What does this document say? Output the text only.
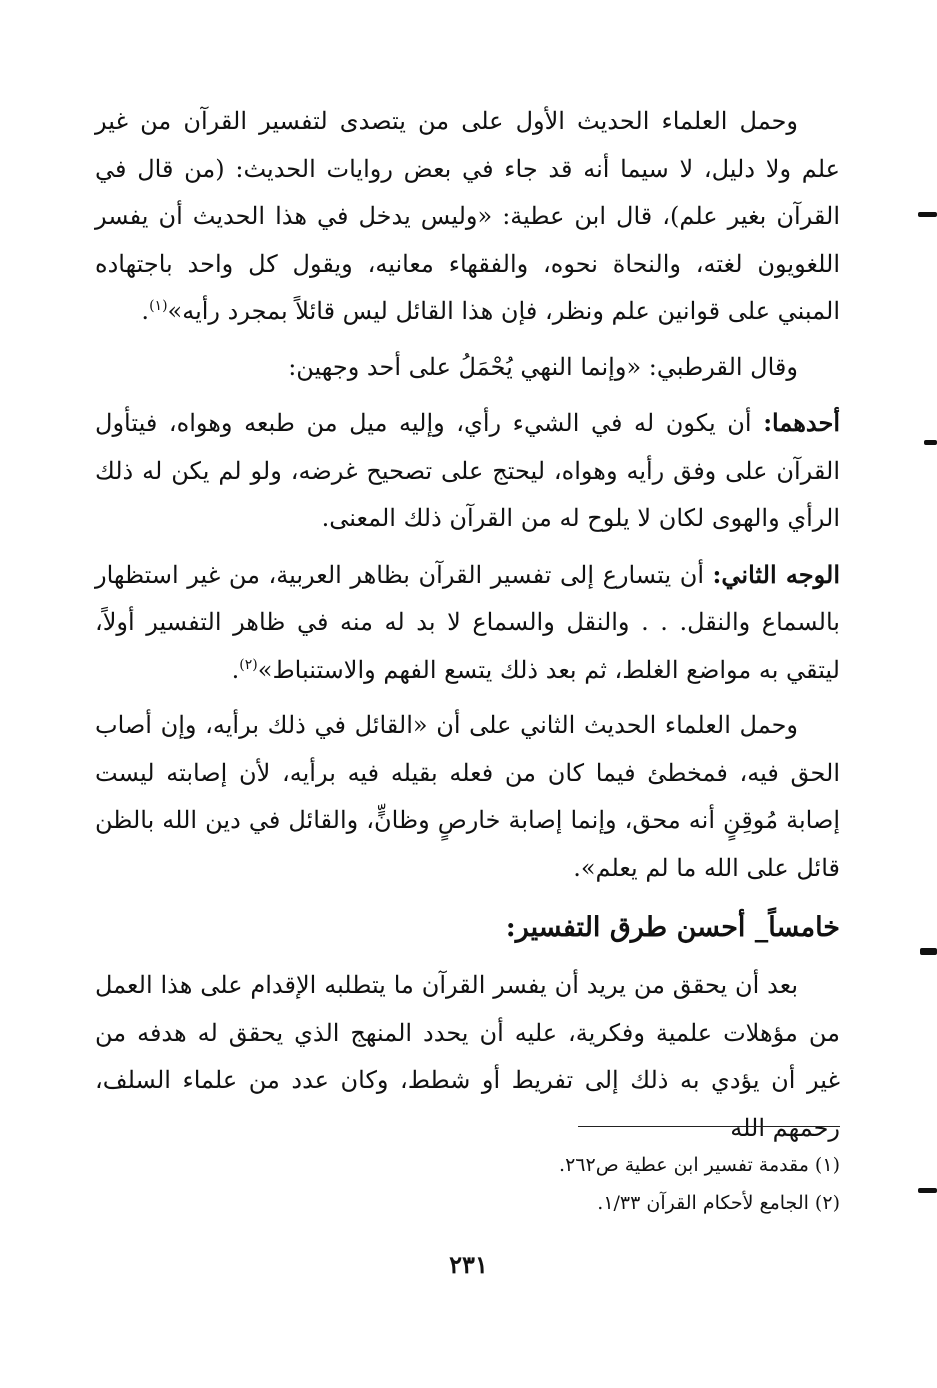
وحمل العلماء الحديث الأول على من يتصدى لتفسير القرآن من غير علم ولا دليل، لا سيما أنه قد جاء في بعض روايات الحديث: (من قال في القرآن بغير علم)، قال ابن عطية: «وليس يدخل في هذا الحديث أن يفسر اللغويون لغته، والنحاة نحوه، والفقهاء معانيه، ويقول كل واحد باجتهاده المبني على قوانين علم ونظر، فإن هذا القائل ليس قائلاً بمجرد رأيه»$^{(١)}$.

وقال القرطبي: «وإنما النهي يُحْمَلُ على أحد وجهين:

أحدهما: أن يكون له في الشيء رأي، وإليه ميل من طبعه وهواه، فيتأول القرآن على وفق رأيه وهواه، ليحتج على تصحيح غرضه، ولو لم يكن له ذلك الرأي والهوى لكان لا يلوح له من القرآن ذلك المعنى.

الوجه الثاني: أن يتسارع إلى تفسير القرآن بظاهر العربية، من غير استظهار بالسماع والنقل. . . والنقل والسماع لا بد له منه في ظاهر التفسير أولاً، ليتقي به مواضع الغلط، ثم بعد ذلك يتسع الفهم والاستنباط»$^{(٢)}$.

وحمل العلماء الحديث الثاني على أن «القائل في ذلك برأيه، وإن أصاب الحق فيه، فمخطئ فيما كان من فعله بقيله فيه برأيه، لأن إصابته ليست إصابة مُوقِنٍ أنه محق، وإنما إصابة خارصٍ وظانٍّ، والقائل في دين الله بالظن قائل على الله ما لم يعلم».

خامساً_ أحسن طرق التفسير:

بعد أن يحقق من يريد أن يفسر القرآن ما يتطلبه الإقدام على هذا العمل من مؤهلات علمية وفكرية، عليه أن يحدد المنهج الذي يحقق له هدفه من غير أن يؤدي به ذلك إلى تفريط أو شطط، وكان عدد من علماء السلف، رحمهم الله

(١) مقدمة تفسير ابن عطية ص٢٦٢.
(٢) الجامع لأحكام القرآن ١/٣٣.
٢٣١
